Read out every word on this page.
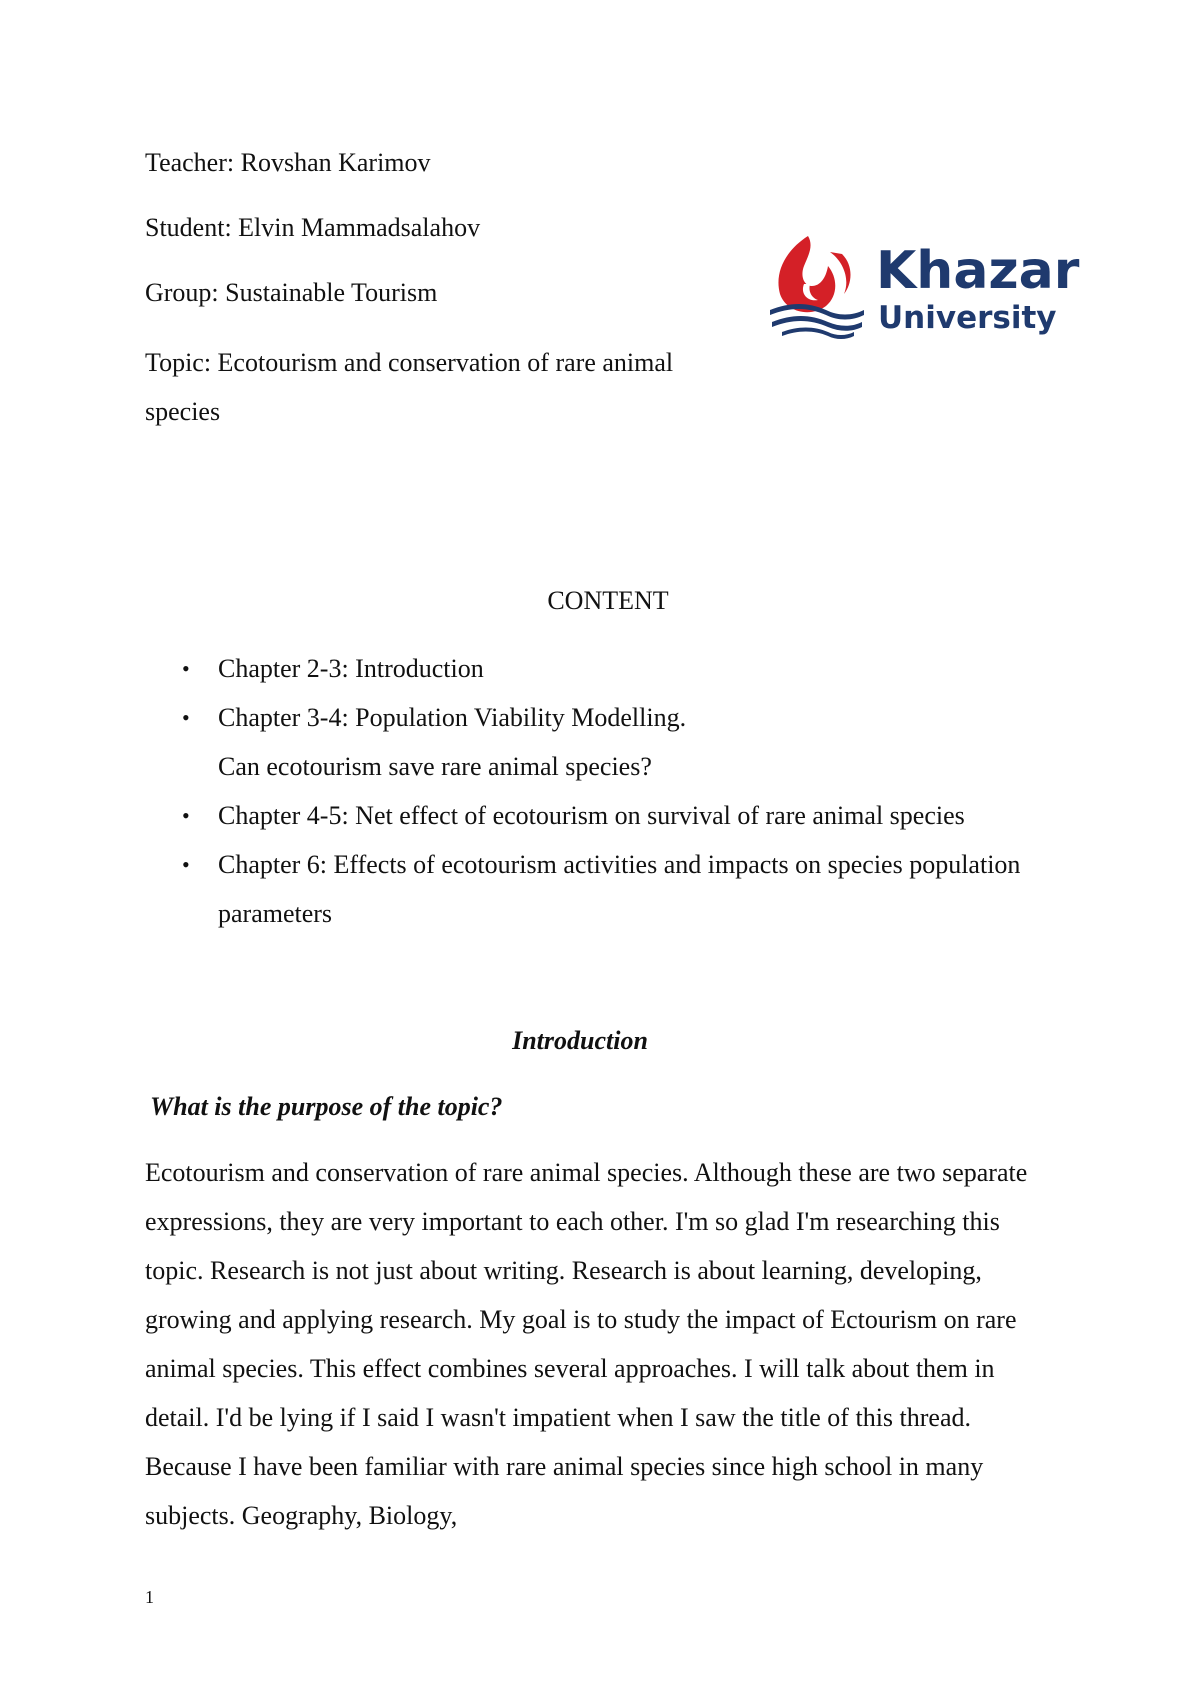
Teacher: Rovshan Karimov
Student: Elvin Mammadsalahov
Group: Sustainable Tourism
Topic: Ecotourism and conservation of rare animal species
Khazar
University
CONTENT
• Chapter 2-3: Introduction
• Chapter 3-4: Population Viability Modelling.
Can ecotourism save rare animal species?
• Chapter 4-5: Net effect of ecotourism on survival of rare animal species
• Chapter 6: Effects of ecotourism activities and impacts on species population parameters
Introduction
What is the purpose of the topic?
Ecotourism and conservation of rare animal species. Although these are two separate expressions, they are very important to each other. I'm so glad I'm researching this topic. Research is not just about writing. Research is about learning, developing, growing and applying research. My goal is to study the impact of Ectourism on rare animal species. This effect combines several approaches. I will talk about them in detail. I'd be lying if I said I wasn't impatient when I saw the title of this thread. Because I have been familiar with rare animal species since high school in many subjects. Geography, Biology,
1
